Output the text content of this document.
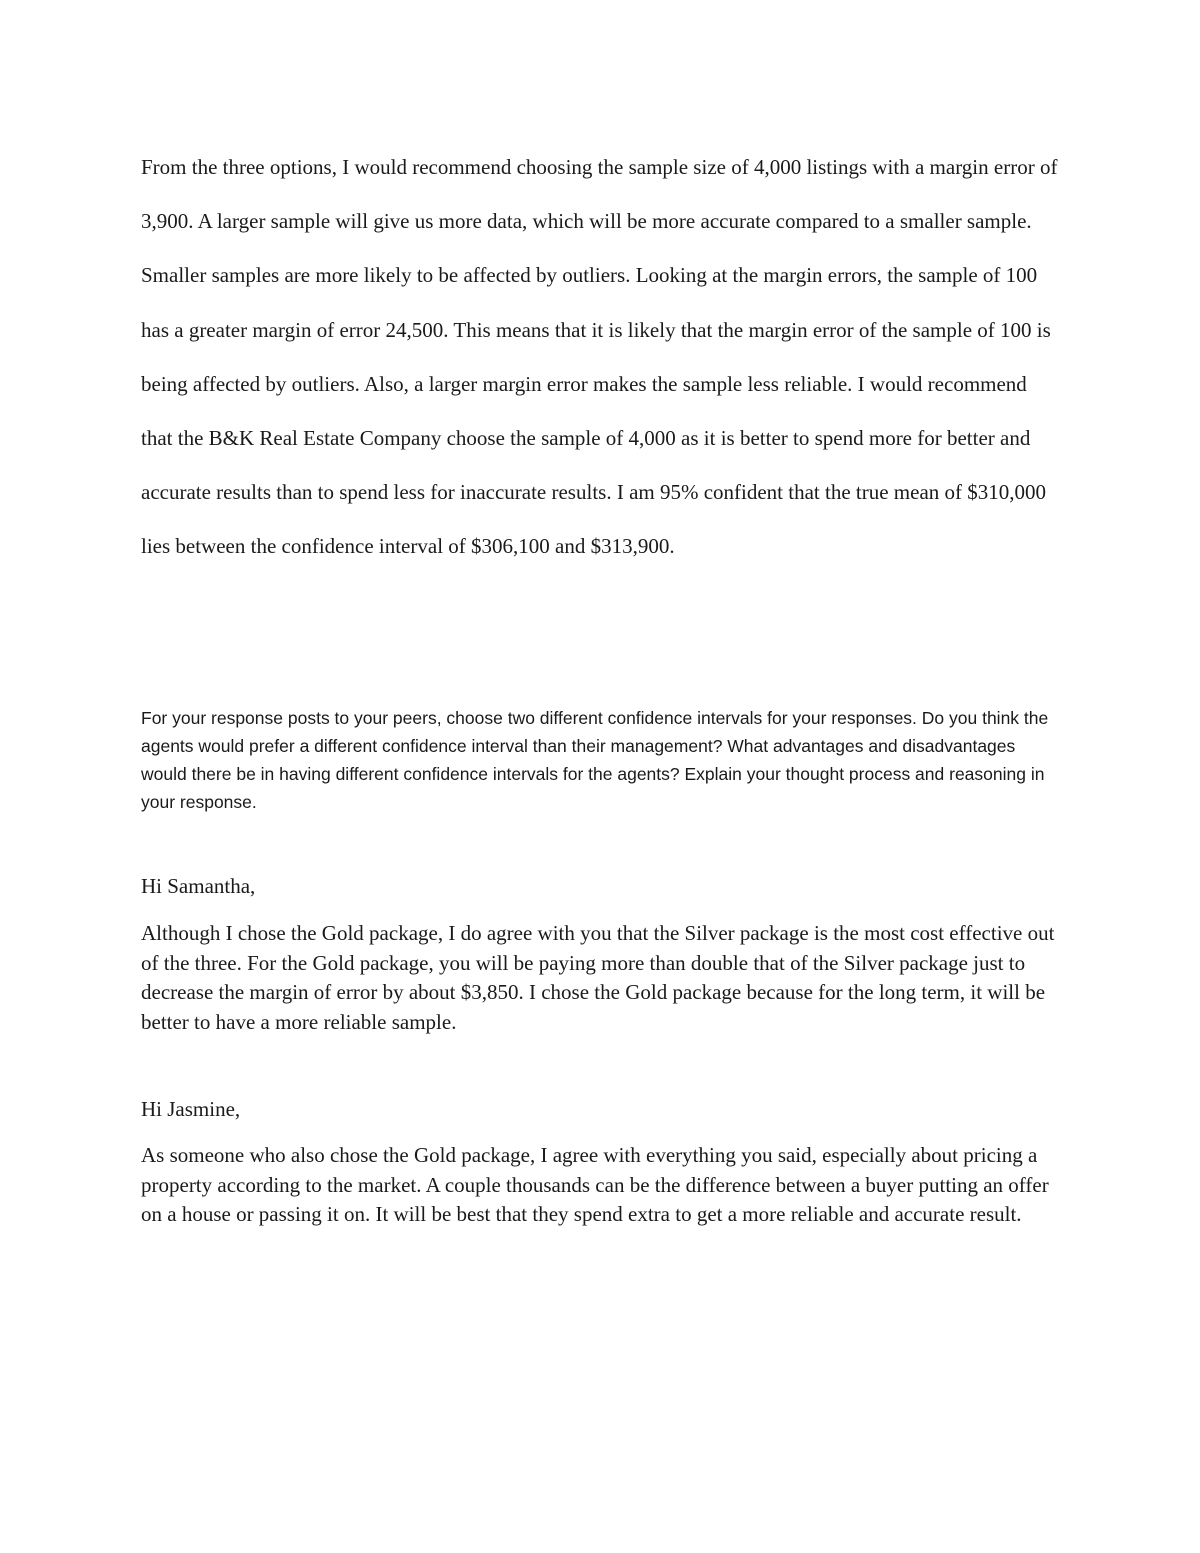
From the three options, I would recommend choosing the sample size of 4,000 listings with a margin error of 3,900. A larger sample will give us more data, which will be more accurate compared to a smaller sample. Smaller samples are more likely to be affected by outliers. Looking at the margin errors, the sample of 100 has a greater margin of error 24,500. This means that it is likely that the margin error of the sample of 100 is being affected by outliers. Also, a larger margin error makes the sample less reliable. I would recommend that the B&K Real Estate Company choose the sample of 4,000 as it is better to spend more for better and accurate results than to spend less for inaccurate results. I am 95% confident that the true mean of $310,000 lies between the confidence interval of $306,100 and $313,900.

For your response posts to your peers, choose two different confidence intervals for your responses. Do you think the agents would prefer a different confidence interval than their management? What advantages and disadvantages would there be in having different confidence intervals for the agents? Explain your thought process and reasoning in your response.

Hi Samantha,

Although I chose the Gold package, I do agree with you that the Silver package is the most cost effective out of the three. For the Gold package, you will be paying more than double that of the Silver package just to decrease the margin of error by about $3,850. I chose the Gold package because for the long term, it will be better to have a more reliable sample.

Hi Jasmine,

As someone who also chose the Gold package, I agree with everything you said, especially about pricing a property according to the market. A couple thousands can be the difference between a buyer putting an offer on a house or passing it on. It will be best that they spend extra to get a more reliable and accurate result.
